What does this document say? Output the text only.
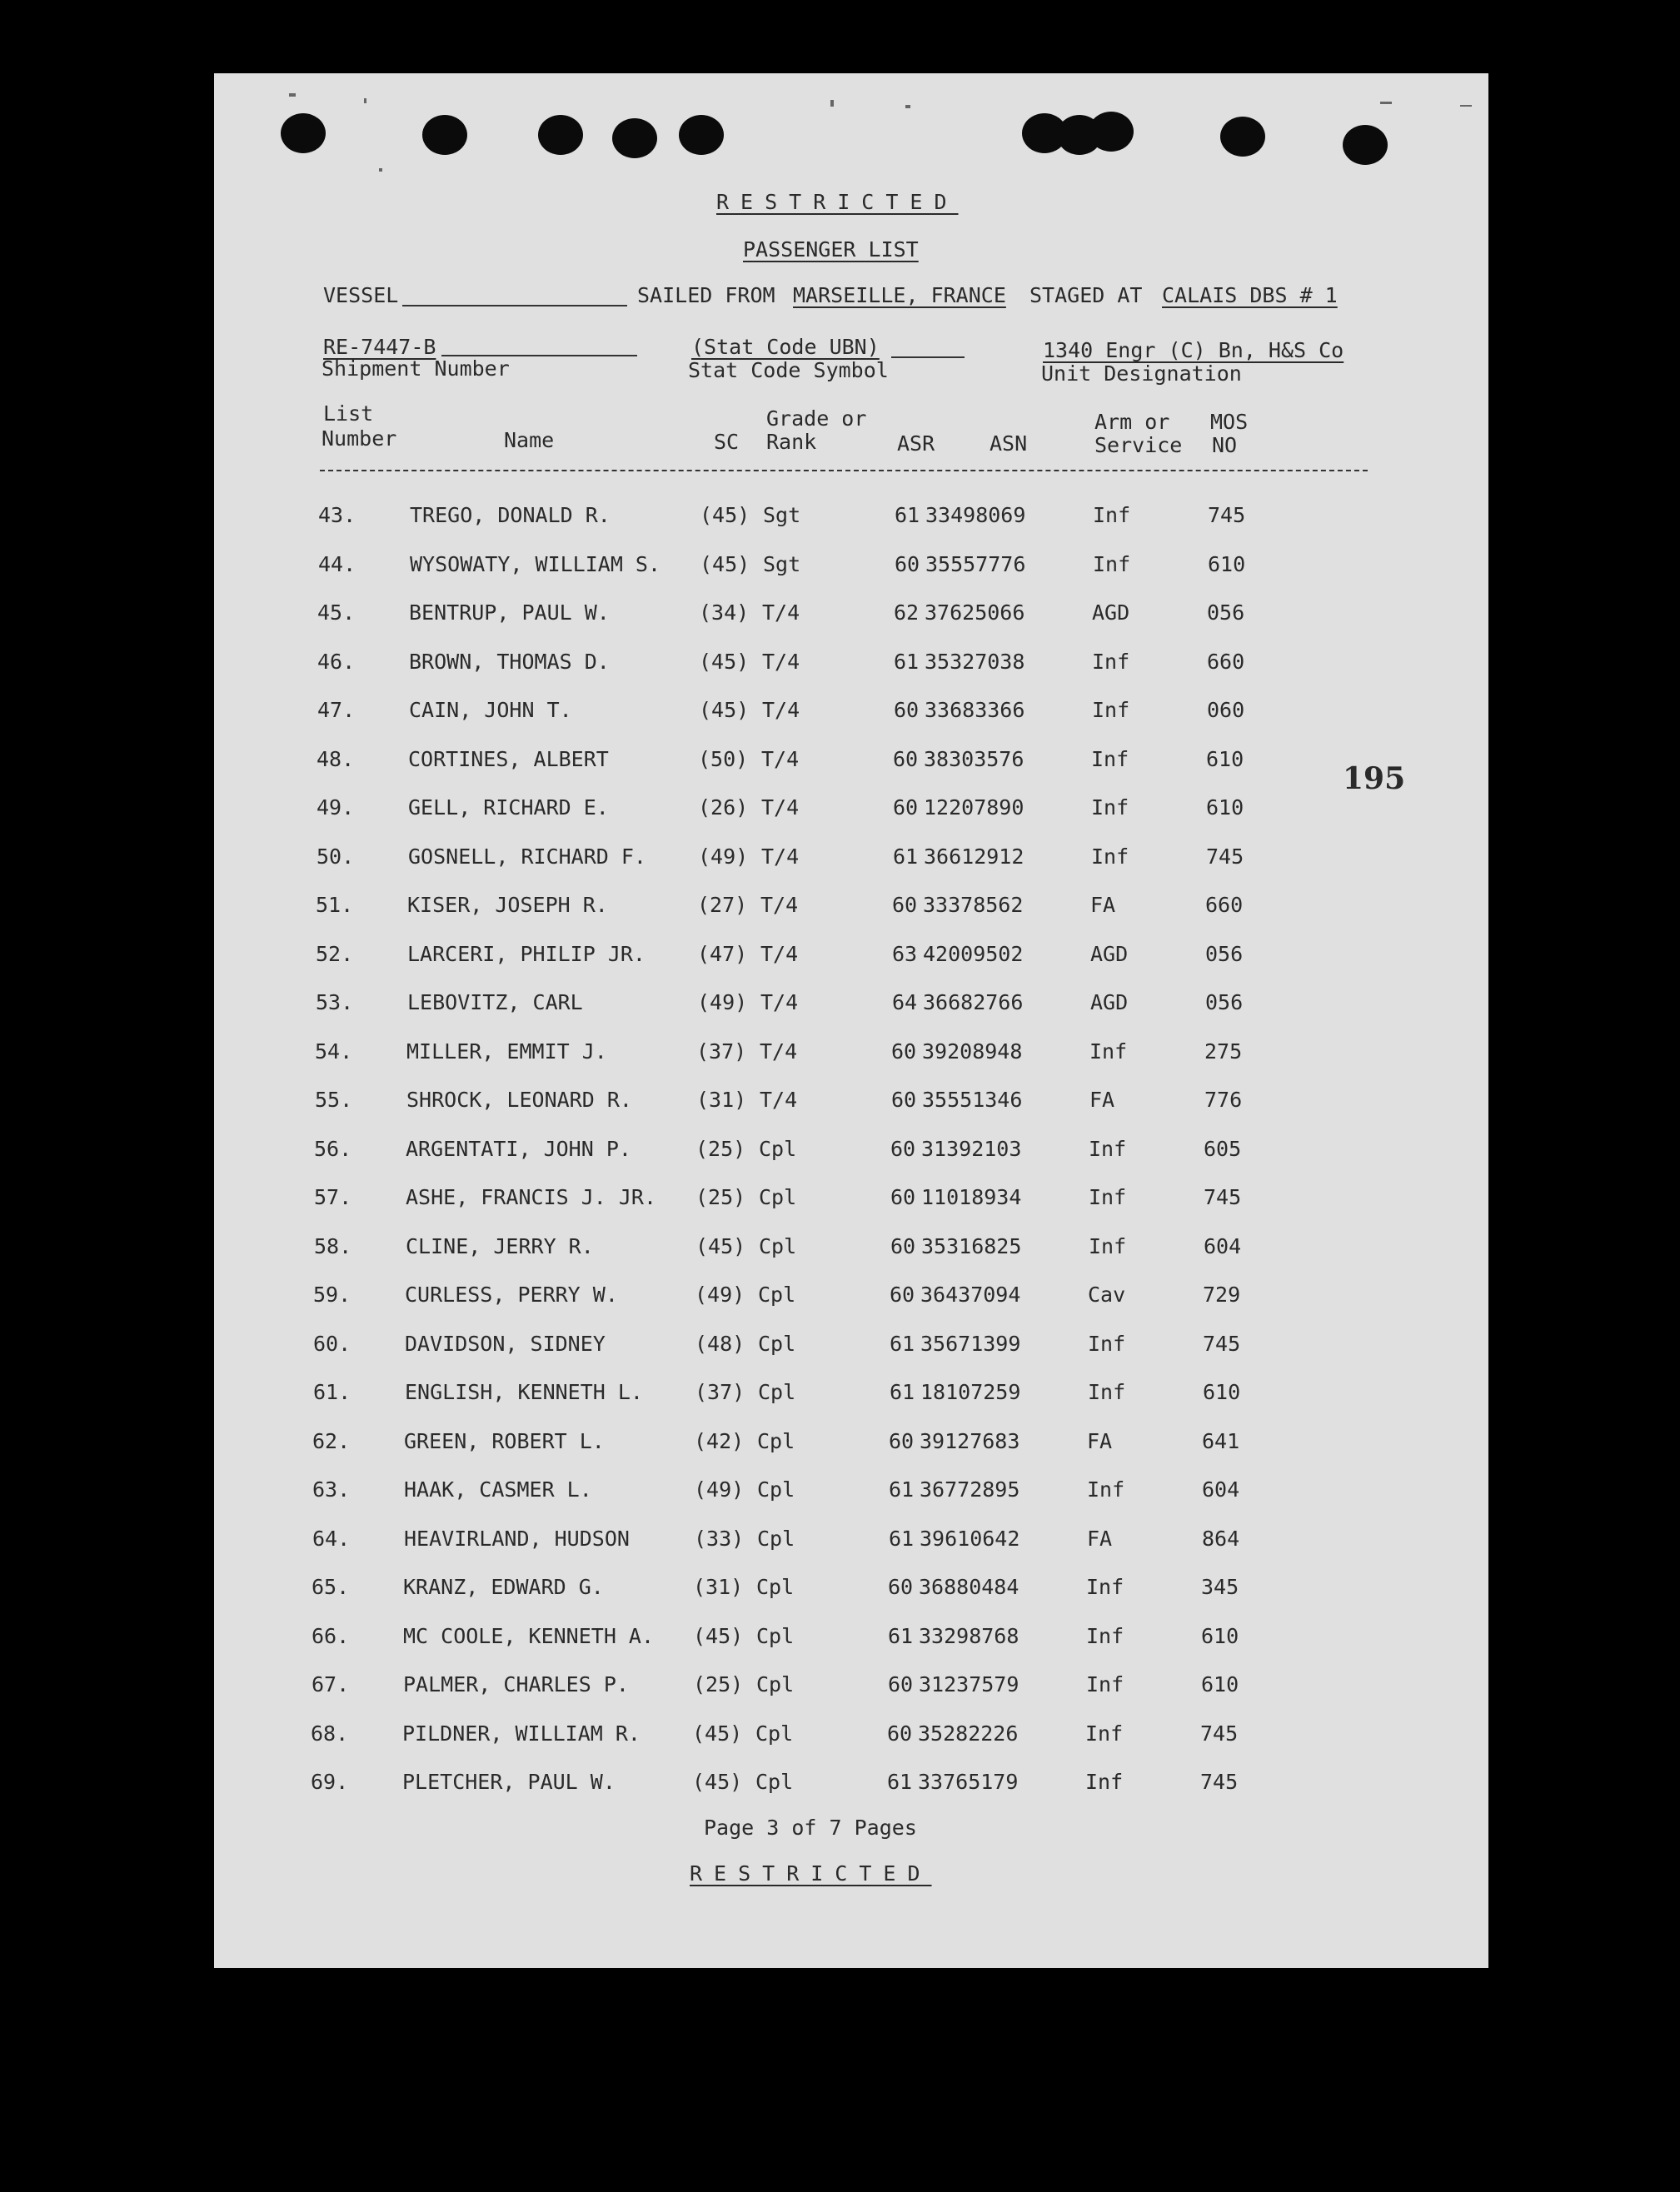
RESTRICTED
PASSENGER LIST
VESSEL	SAILED FROM MARSEILLE, FRANCE STAGED AT CALAIS DBS # 1
RE-7447-B
Shipment Number
(Stat Code UBN)
Stat Code Symbol
1340 Engr (C) Bn, H&S Co
Unit Designation
List
Number	Name	SC
Grade or
Rank	ASR	ASN
Arm or
Service
MOS
NO
43.	TREGO, DONALD R.	(45) Sgt	61 33498069	Inf	745
44.	WYSOWATY, WILLIAM S. (45) Sgt	60 35557776	Inf	610
45.	BENTRUP, PAUL W.	(34) T/4	62 37625066	AGD	056
46.	BROWN, THOMAS D.	(45) T/4	61 35327038	Inf	660
47.	CAIN, JOHN T.	(45) T/4	60 33683366	Inf	060
48.	CORTINES, ALBERT	(50) T/4	60 38303576	Inf	610
49.	GELL, RICHARD E.	(26) T/4	60 12207890	Inf	610
50.	GOSNELL, RICHARD F. (49) T/4	61 36612912	Inf	745
51.	KISER, JOSEPH R.	(27) T/4	60 33378562	FA	660
52.	LARCERI, PHILIP JR. (47) T/4	63 42009502	AGD	056
53.	LEBOVITZ, CARL	(49) T/4	64 36682766	AGD	056
54.	MILLER, EMMIT J.	(37) T/4	60 39208948	Inf	275
55.	SHROCK, LEONARD R.	(31) T/4	60 35551346	FA	776
56.	ARGENTATI, JOHN P.	(25) Cpl	60 31392103	Inf	605
57.	ASHE, FRANCIS J. JR. (25) Cpl	60 11018934	Inf	745
58.	CLINE, JERRY R.	(45) Cpl	60 35316825	Inf	604
59.	CURLESS, PERRY W.	(49) Cpl	60 36437094	Cav	729
60.	DAVIDSON, SIDNEY	(48) Cpl	61 35671399	Inf	745
61.	ENGLISH, KENNETH L. (37) Cpl	61 18107259	Inf	610
62.	GREEN, ROBERT L.	(42) Cpl	60 39127683	FA	641
63.	HAAK, CASMER L.	(49) Cpl	61 36772895	Inf	604
64.	HEAVIRLAND, HUDSON	(33) Cpl	61 39610642	FA	864
65.	KRANZ, EDWARD G.	(31) Cpl	60 36880484	Inf	345
66.	MC COOLE, KENNETH A. (45) Cpl	61 33298768	Inf	610
67.	PALMER, CHARLES P.	(25) Cpl	60 31237579	Inf	610
68.	PILDNER, WILLIAM R. (45) Cpl	60 35282226	Inf	745
69.	PLETCHER, PAUL W.	(45) Cpl	61 33765179	Inf	745
195
Page 3 of 7 Pages
RESTRICTED
